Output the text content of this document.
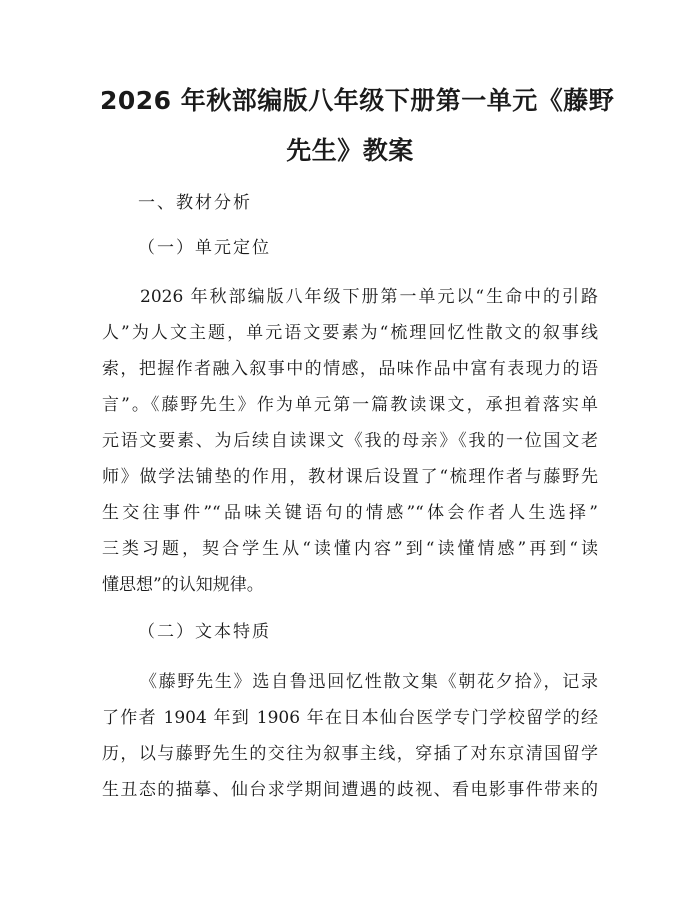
2026 年秋部编版八年级下册第一单元《藤野
先生》教案
一、教材分析
（一）单元定位
2026 年秋部编版八年级下册第一单元以“生命中的引路
人”为人文主题，单元语文要素为“梳理回忆性散文的叙事线
索，把握作者融入叙事中的情感，品味作品中富有表现力的语
言”。《藤野先生》作为单元第一篇教读课文，承担着落实单
元语文要素、为后续自读课文《我的母亲》《我的一位国文老
师》做学法铺垫的作用，教材课后设置了“梳理作者与藤野先
生交往事件”“品味关键语句的情感”“体会作者人生选择”
三类习题，契合学生从“读懂内容”到“读懂情感”再到“读
懂思想”的认知规律。
（二）文本特质
《藤野先生》选自鲁迅回忆性散文集《朝花夕拾》，记录
了作者 1904 年到 1906 年在日本仙台医学专门学校留学的经
历，以与藤野先生的交往为叙事主线，穿插了对东京清国留学
生丑态的描摹、仙台求学期间遭遇的歧视、看电影事件带来的
